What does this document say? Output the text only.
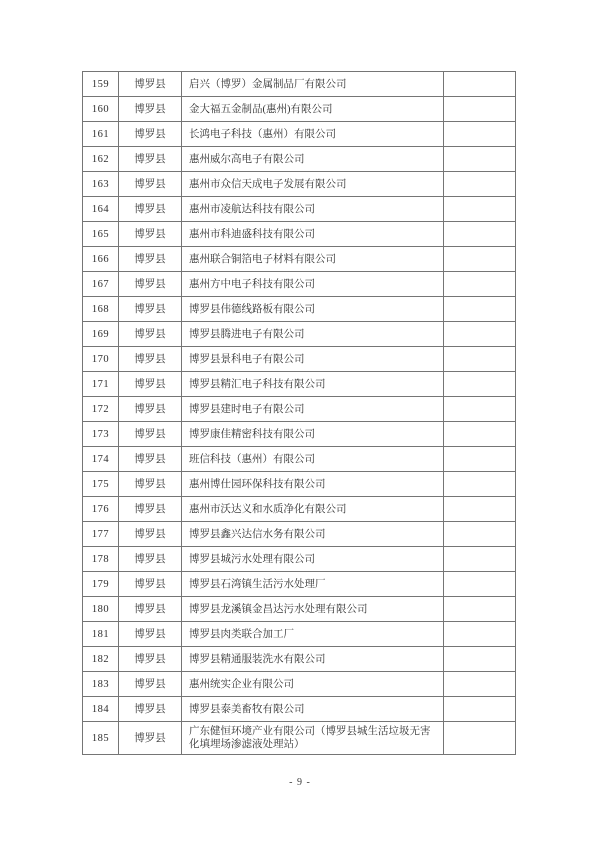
159	博罗县	启兴（博罗）金属制品厂有限公司	
160	博罗县	金大福五金制品(惠州)有限公司	
161	博罗县	长鸿电子科技（惠州）有限公司	
162	博罗县	惠州威尔高电子有限公司	
163	博罗县	惠州市众信天成电子发展有限公司	
164	博罗县	惠州市凌航达科技有限公司	
165	博罗县	惠州市科迪盛科技有限公司	
166	博罗县	惠州联合铜箔电子材料有限公司	
167	博罗县	惠州方中电子科技有限公司	
168	博罗县	博罗县伟德线路板有限公司	
169	博罗县	博罗县腾进电子有限公司	
170	博罗县	博罗县景科电子有限公司	
171	博罗县	博罗县精汇电子科技有限公司	
172	博罗县	博罗县建时电子有限公司	
173	博罗县	博罗康佳精密科技有限公司	
174	博罗县	班信科技（惠州）有限公司	
175	博罗县	惠州博仕园环保科技有限公司	
176	博罗县	惠州市沃达义和水质净化有限公司	
177	博罗县	博罗县鑫兴达信水务有限公司	
178	博罗县	博罗县城污水处理有限公司	
179	博罗县	博罗县石湾镇生活污水处理厂	
180	博罗县	博罗县龙溪镇金昌达污水处理有限公司	
181	博罗县	博罗县肉类联合加工厂	
182	博罗县	博罗县精通服装洗水有限公司	
183	博罗县	惠州统实企业有限公司	
184	博罗县	博罗县泰美畜牧有限公司	
185	博罗县	广东健恒环境产业有限公司（博罗县城生活垃圾无害化填埋场渗滤液处理站）	
- 9 -
